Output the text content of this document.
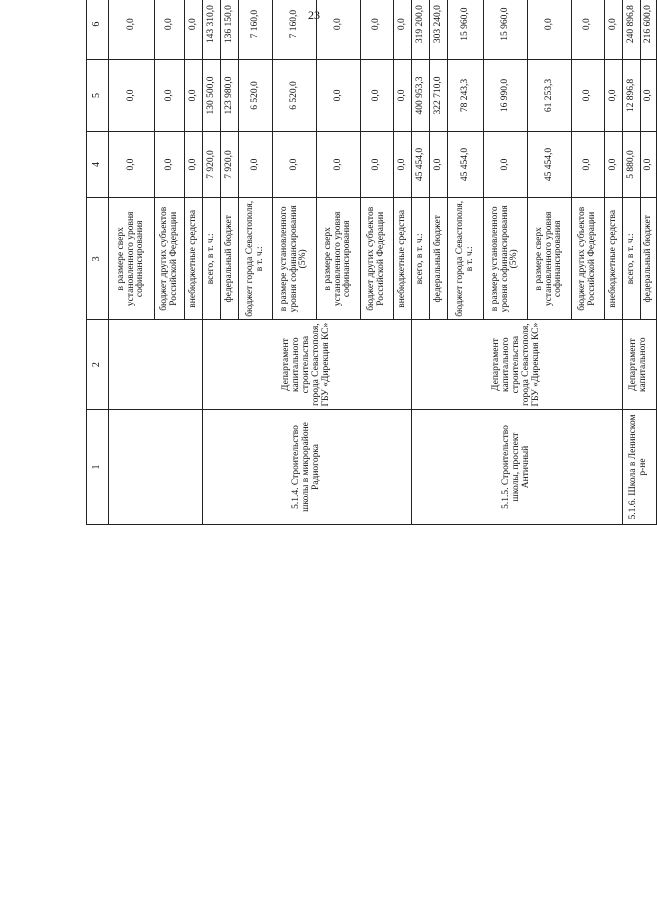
23
1	2	3	4	5	6				
		в размере сверх установленного уровня софинансирования	0,0	0,0	0,0				
		бюджет других субъектов Российской Федерации	0,0	0,0	0,0				
		внебюджетные средства	0,0	0,0	0,0				
5.1.4. Строительство школы в микрорайоне Радиогорка	Департамент капитального строительства города Севастополя, ГБУ «Дирекция КС»	всего, в т. ч.:	7 920,0	130 500,0	143 310,0				
		федеральный бюджет	7 920,0	123 980,0	136 150,0				
		бюджет города Севастополя, в т. ч.:	0,0	6 520,0	7 160,0				
		в размере установленного уровня софинансирования (5%)	0,0	6 520,0	7 160,0				
		в размере сверх установленного уровня софинансирования	0,0	0,0	0,0				
		бюджет других субъектов Российской Федерации	0,0	0,0	0,0				
		внебюджетные средства	0,0	0,0	0,0				
5.1.5. Строительство школы, проспект Античный	Департамент капитального строительства города Севастополя, ГБУ «Дирекция КС»	всего, в т. ч.:	45 454,0	400 953,3	319 200,0				
		федеральный бюджет	0,0	322 710,0	303 240,0				
		бюджет города Севастополя, в т. ч.:	45 454,0	78 243,3	15 960,0				
		в размере установленного уровня софинансирования (5%)	0,0	16 990,0	15 960,0				
		в размере сверх установленного уровня софинансирования	45 454,0	61 253,3	0,0				
		бюджет других субъектов Российской Федерации	0,0	0,0	0,0				
		внебюджетные средства	0,0	0,0	0,0				
5.1.6. Школа в Ленинском р-не	Департамент капитального	всего, в т. ч.:	5 880,0	12 896,8	240 896,8				
		федеральный бюджет	0,0	0,0	216 600,0				
